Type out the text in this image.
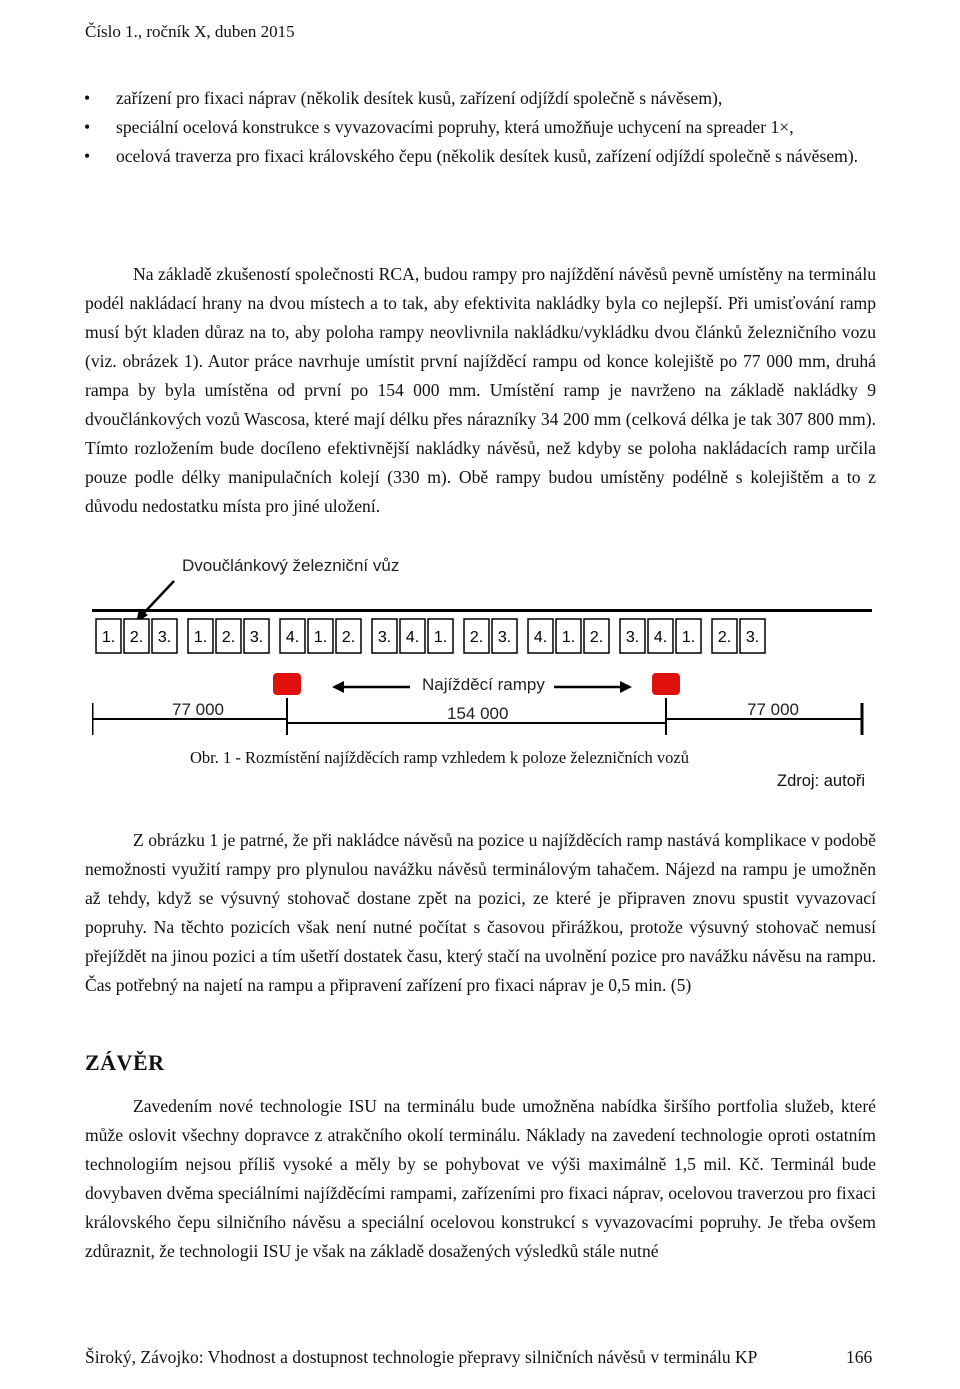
Číslo 1., ročník X, duben 2015
• zařízení pro fixaci náprav (několik desítek kusů, zařízení odjíždí společně s návěsem),
• speciální ocelová konstrukce s vyvazovacími popruhy, která umožňuje uchycení na spreader 1×,
• ocelová traverza pro fixaci královského čepu (několik desítek kusů, zařízení odjíždí společně s návěsem).

Na základě zkušeností společnosti RCA, budou rampy pro najíždění návěsů pevně umístěny na terminálu podél nakládací hrany na dvou místech a to tak, aby efektivita nakládky byla co nejlepší. Při umisťování ramp musí být kladen důraz na to, aby poloha rampy neovlivnila nakládku/vykládku dvou článků železničního vozu (viz. obrázek 1). Autor práce navrhuje umístit první najížděcí rampu od konce kolejiště po 77 000 mm, druhá rampa by byla umístěna od první po 154 000 mm. Umístění ramp je navrženo na základě nakládky 9 dvoučlánkových vozů Wascosa, které mají délku přes nárazníky 34 200 mm (celková délka je tak 307 800 mm). Tímto rozložením bude docíleno efektivnější nakládky návěsů, než kdyby se poloha nakládacích ramp určila pouze podle délky manipulačních kolejí (330 m). Obě rampy budou umístěny podélně s kolejištěm a to z důvodu nedostatku místa pro jiné uložení.

Dvoučlánkový železniční vůz
1. 2. 3. 1. 2. 3. 4. 1. 2. 3. 4. 1. 2. 3. 4. 1. 2. 3. 4. 1. 2. 3.
Najížděcí rampy
77 000	154 000	77 000
Obr. 1 - Rozmístění najížděcích ramp vzhledem k poloze železničních vozů
Zdroj: autoři

Z obrázku 1 je patrné, že při nakládce návěsů na pozice u najížděcích ramp nastává komplikace v podobě nemožnosti využití rampy pro plynulou navážku návěsů terminálovým tahačem. Nájezd na rampu je umožněn až tehdy, když se výsuvný stohovač dostane zpět na pozici, ze které je připraven znovu spustit vyvazovací popruhy. Na těchto pozicích však není nutné počítat s časovou přirážkou, protože výsuvný stohovač nemusí přejíždět na jinou pozici a tím ušetří dostatek času, který stačí na uvolnění pozice pro navážku návěsu na rampu. Čas potřebný na najetí na rampu a připravení zařízení pro fixaci náprav je 0,5 min. (5)

ZÁVĚR

Zavedením nové technologie ISU na terminálu bude umožněna nabídka širšího portfolia služeb, které může oslovit všechny dopravce z atrakčního okolí terminálu. Náklady na zavedení technologie oproti ostatním technologiím nejsou příliš vysoké a měly by se pohybovat ve výši maximálně 1,5 mil. Kč. Terminál bude dovybaven dvěma speciálními najížděcími rampami, zařízeními pro fixaci náprav, ocelovou traverzou pro fixaci královského čepu silničního návěsu a speciální ocelovou konstrukcí s vyvazovacími popruhy. Je třeba ovšem zdůraznit, že technologii ISU je však na základě dosažených výsledků stále nutné

Široký, Závojko: Vhodnost a dostupnost technologie přepravy silničních návěsů v terminálu KP	166
